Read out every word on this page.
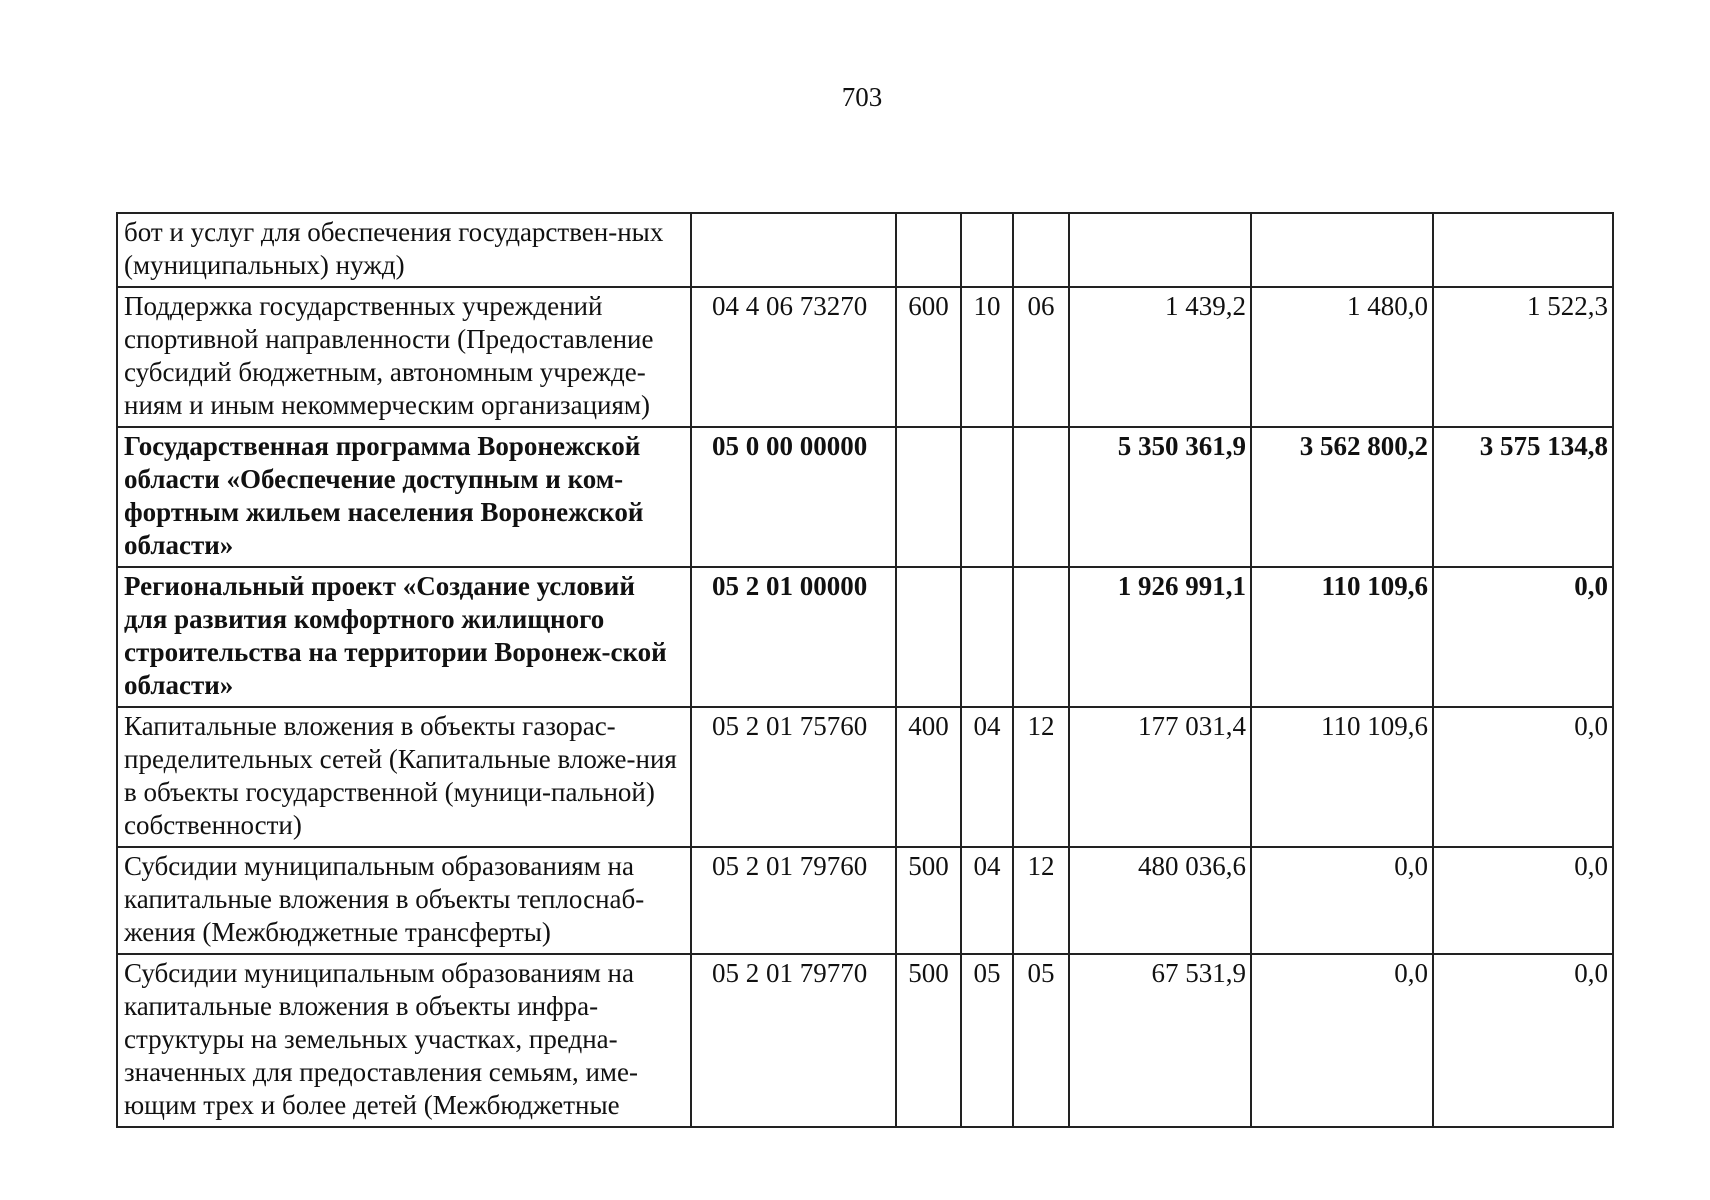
703
бот и услуг для обеспечения государствен-ных (муниципальных) нужд)							
Поддержка государственных учреждений спортивной направленности (Предоставление субсидий бюджетным, автономным учрежде-ниям и иным некоммерческим организациям)	04 4 06 73270	600	10	06	1 439,2	1 480,0	1 522,3
Государственная программа Воронежской области «Обеспечение доступным и ком-фортным жильем населения Воронежской области»	05 0 00 00000				5 350 361,9	3 562 800,2	3 575 134,8
Региональный проект «Создание условий для развития комфортного жилищного строительства на территории Воронеж-ской области»	05 2 01 00000				1 926 991,1	110 109,6	0,0
Капитальные вложения в объекты газорас-пределительных сетей (Капитальные вложе-ния в объекты государственной (муници-пальной) собственности)	05 2 01 75760	400	04	12	177 031,4	110 109,6	0,0
Субсидии муниципальным образованиям на капитальные вложения в объекты теплоснаб-жения (Межбюджетные трансферты)	05 2 01 79760	500	04	12	480 036,6	0,0	0,0
Субсидии муниципальным образованиям на капитальные вложения в объекты инфра-структуры на земельных участках, предна-значенных для предоставления семьям, име-ющим трех и более детей (Межбюджетные	05 2 01 79770	500	05	05	67 531,9	0,0	0,0
